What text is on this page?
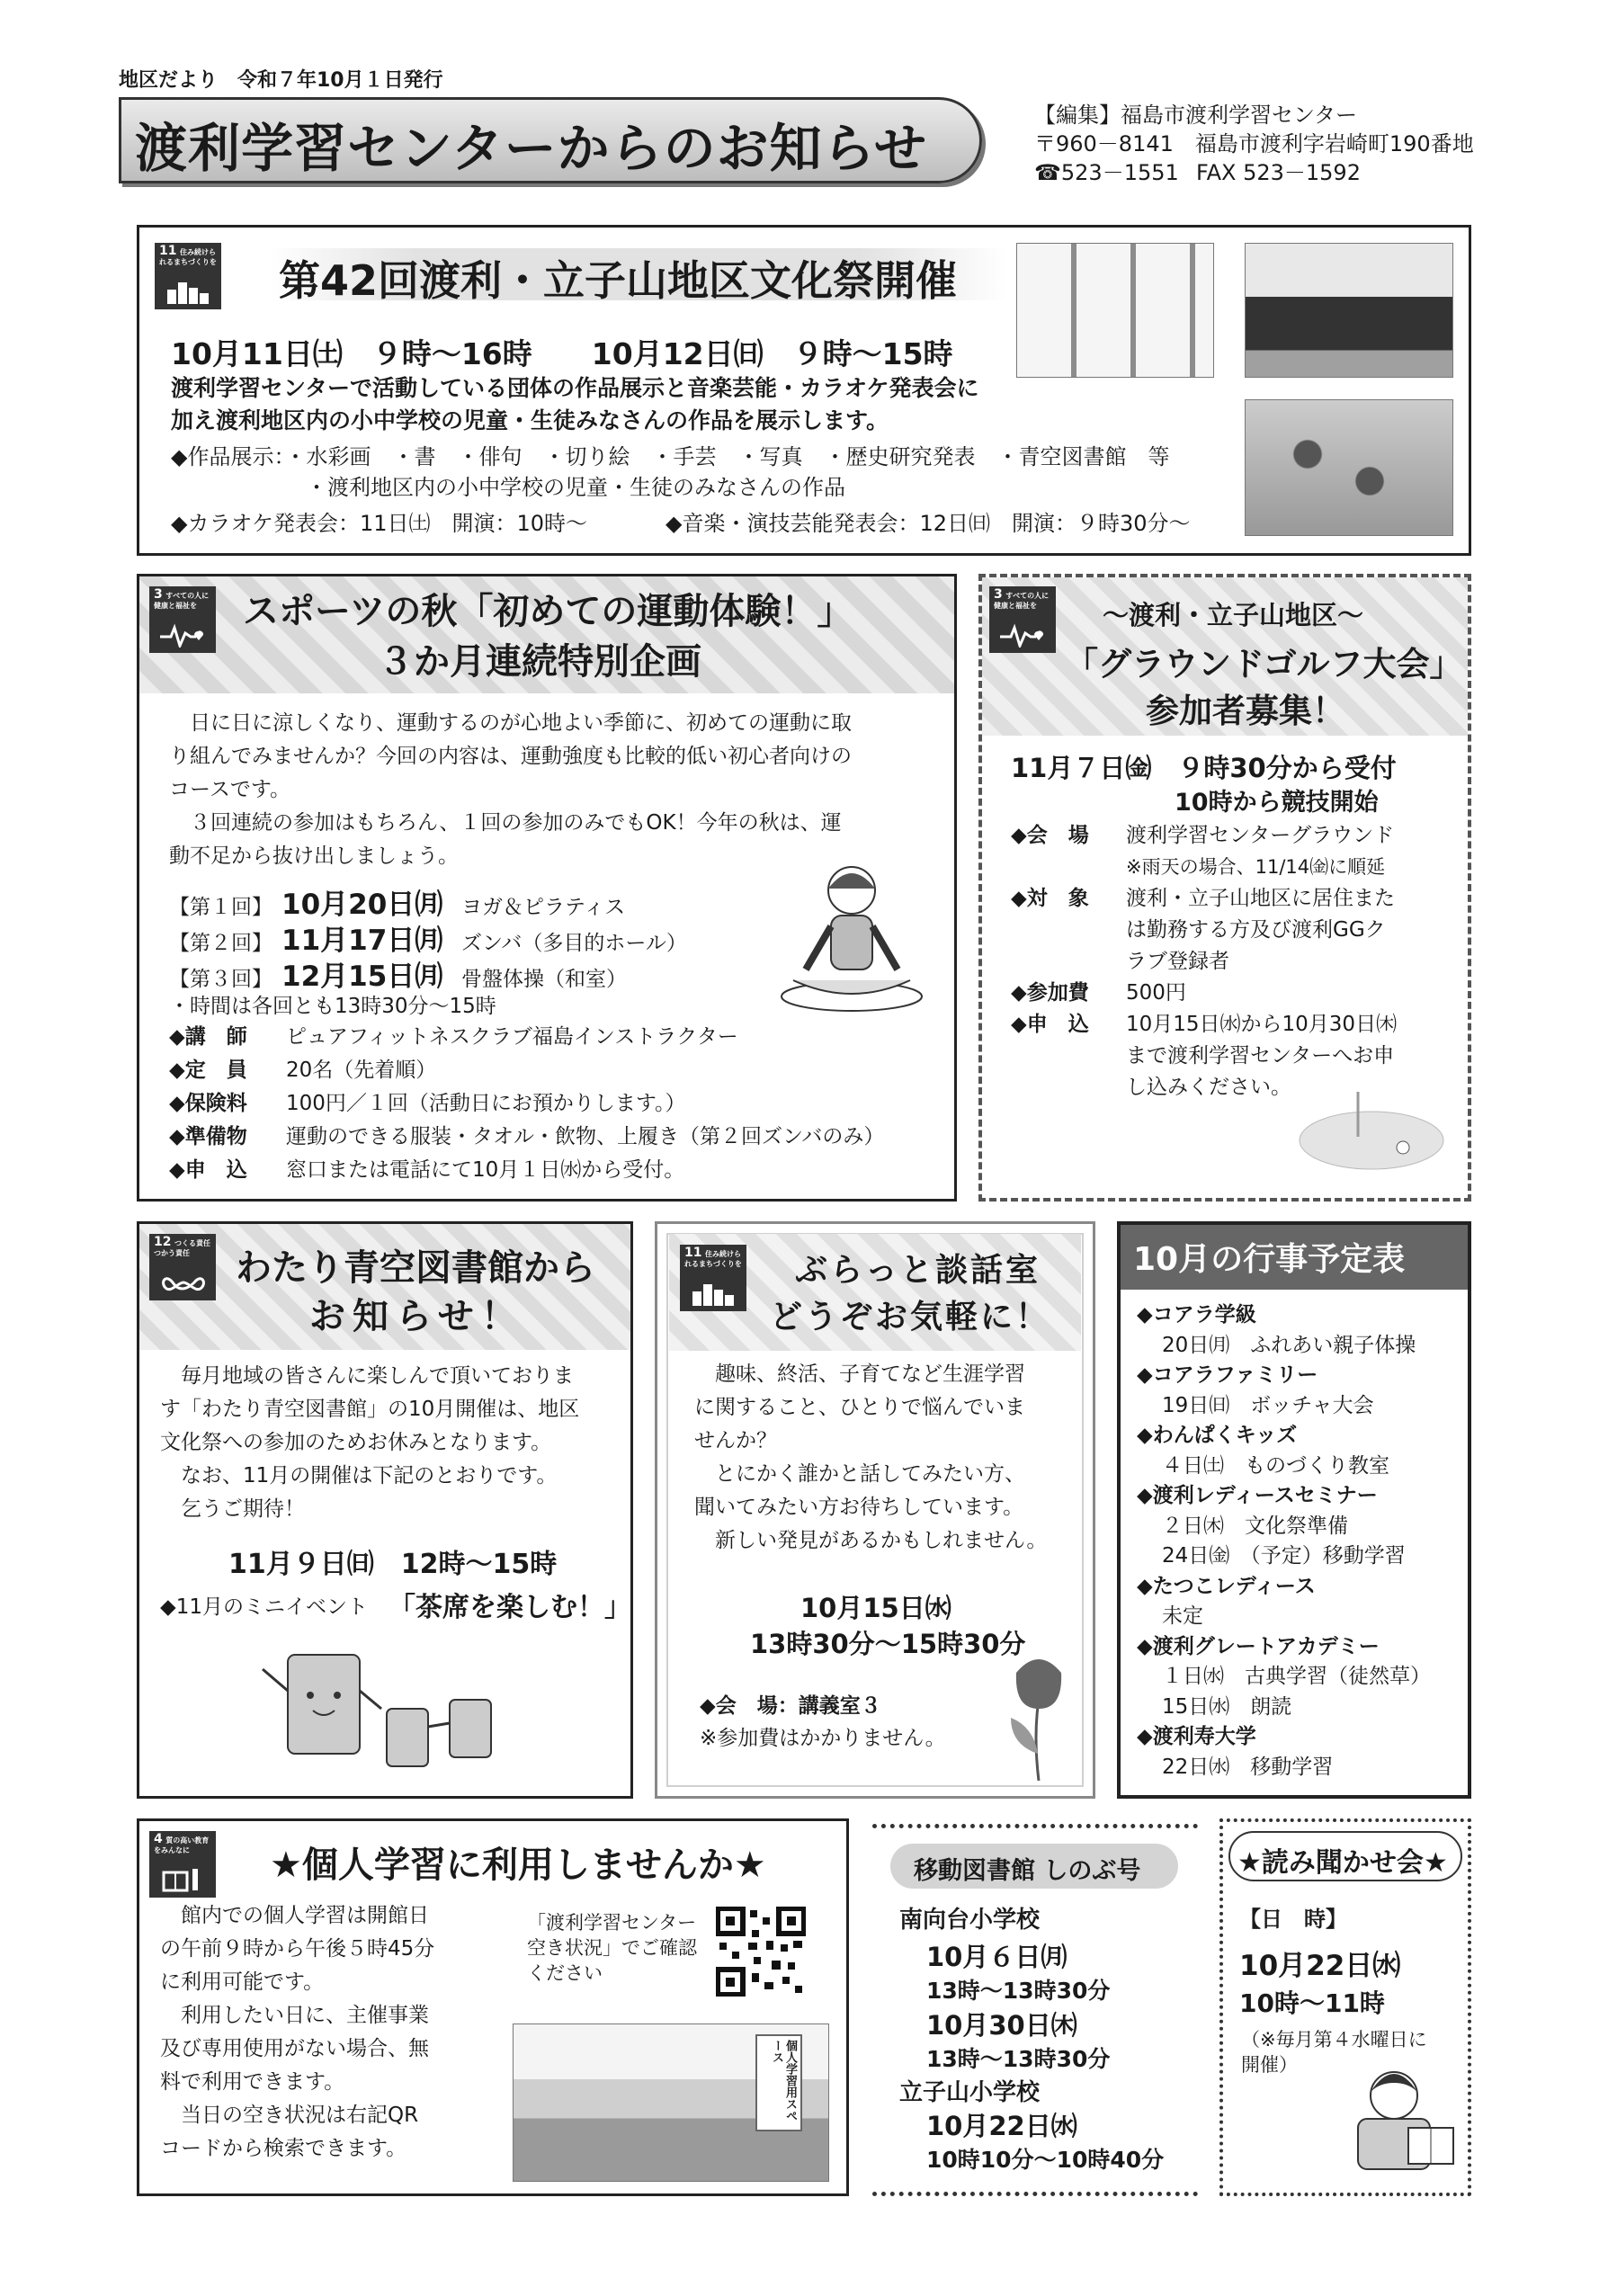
地区だより　令和７年10月１日発行
渡利学習センターからのお知らせ
【編集】福島市渡利学習センター
〒960－8141　福島市渡利字岩崎町190番地
☎523－1551 FAX 523－1592
11 住み続けられるまちづくりを 第42回渡利・立子山地区文化祭開催
10月11日㈯　９時～16時　　10月12日㈰　９時～15時
渡利学習センターで活動している団体の作品展示と音楽芸能・カラオケ発表会に
加え渡利地区内の小中学校の児童・生徒みなさんの作品を展示します。
◆作品展示：・水彩画　・書　・俳句　・切り絵　・手芸　・写真　・歴史研究発表　・青空図書館　等
・渡利地区内の小中学校の児童・生徒のみなさんの作品
◆カラオケ発表会：11日㈯　開演：10時～	◆音楽・演技芸能発表会：12日㈰　開演：９時30分～
3 すべての人に健康と福祉を	スポーツの秋「初めての運動体験！」
３か月連続特別企画

　日に日に涼しくなり、運動するのが心地よい季節に、初めての運動に取

り組んでみませんか？今回の内容は、運動強度も比較的低い初心者向けの

コースです。

　３回連続の参加はもちろん、１回の参加のみでもOK！今年の秋は、運

動不足から抜け出しましょう。

【第１回】 10月20日㈪ ヨガ＆ピラティス
【第２回】 11月17日㈪ ズンバ（多目的ホール）
【第３回】 12月15日㈪ 骨盤体操（和室）
・時間は各回とも13時30分～15時
◆講　師 ピュアフィットネスクラブ福島インストラクター
◆定　員 20名（先着順）
◆保険料 100円／１回（活動日にお預かりします。）
◆準備物 運動のできる服装・タオル・飲物、上履き（第２回ズンバのみ）
◆申　込 窓口または電話にて10月１日㈬から受付。
3 すべての人に健康と福祉を	～渡利・立子山地区～
「グラウンドゴルフ大会」
参加者募集！
11月７日㈮　９時30分から受付
10時から競技開始
◆会　場	渡利学習センターグラウンド
※雨天の場合、11/14㈮に順延
◆対　象	渡利・立子山地区に居住また
は勤務する方及び渡利GGク
ラブ登録者
◆参加費	500円
◆申　込	10月15日㈬から10月30日㈭
まで渡利学習センターへお申
し込みください。
12 つくる責任つかう責任	わたり青空図書館から
お知らせ！

　毎月地域の皆さんに楽しんで頂いておりま

す「わたり青空図書館」の10月開催は、地区

文化祭への参加のためお休みとなります。

　なお、11月の開催は下記のとおりです。

　乞うご期待！

11月９日㈰　12時～15時
◆11月のミニイベント 「茶席を楽しむ！」
11 住み続けられるまちづくりを ぶらっと談話室
どうぞお気軽に！

　趣味、終活、子育てなど生涯学習

に関すること、ひとりで悩んでいま

せんか？

　とにかく誰かと話してみたい方、

聞いてみたい方お待ちしています。

　新しい発見があるかもしれません。

10月15日㈬
13時30分～15時30分
◆会　場：講義室３
※参加費はかかりません。
10月の行事予定表
◆コアラ学級
20日㈪　ふれあい親子体操
◆コアラファミリー
19日㈰　ボッチャ大会
◆わんぱくキッズ
４日㈯　ものづくり教室
◆渡利レディースセミナー
２日㈭　文化祭準備
24日㈮　（予定）移動学習
◆たつこレディース
未定
◆渡利グレートアカデミー
１日㈬　古典学習（徒然草）
15日㈬　朗読
◆渡利寿大学
22日㈬　移動学習
4 質の高い教育をみんなに	★個人学習に利用しませんか★

　館内での個人学習は開館日

の午前９時から午後５時45分

に利用可能です。

　利用したい日に、主催事業

及び専用使用がない場合、無

料で利用できます。

　当日の空き状況は右記QR

コードから検索できます。

「渡利学習センター

空き状況」でご確認

ください

個人学習用スペース
移動図書館 しのぶ号
南向台小学校
10月６日㈪
13時～13時30分
10月30日㈭
13時～13時30分
立子山小学校
10月22日㈬
10時10分～10時40分
★読み聞かせ会★
【日　時】
10月22日㈬
10時～11時
（※毎月第４水曜日に
開催）
